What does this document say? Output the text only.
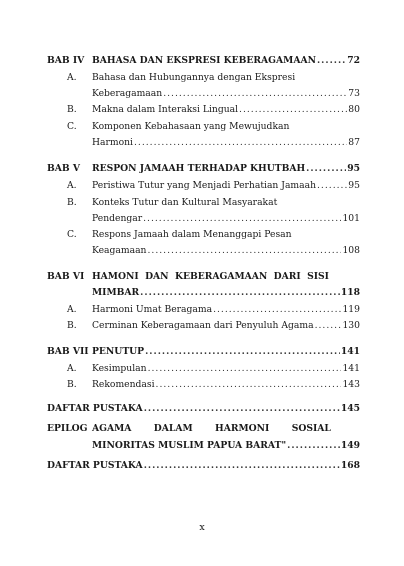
BAB IV BAHASA DAN EKSPRESI KEBERAGAMAAN .....	72
A. Bahasa dan Hubungannya dengan Ekspresi
Keberagamaan .....	73
B. Makna dalam Interaksi Lingual .....	80
C. Komponen Kebahasaan yang Mewujudkan
Harmoni .....	87
BAB V RESPON JAMAAH TERHADAP KHUTBAH .....	95
A. Peristiwa Tutur yang Menjadi Perhatian Jamaah .....	95
B. Konteks Tutur dan Kultural Masyarakat
Pendengar .....	101
C. Respons Jamaah dalam Menanggapi Pesan
Keagamaan .....	108
BAB VI HAMONI  DAN  KEBERAGAMAAN  DARI  SISI
MIMBAR .....	118
A. Harmoni Umat Beragama .....	119
B. Cerminan Keberagamaan dari Penyuluh Agama .....	130
BAB VII PENUTUP .....	141
A. Kesimpulan .....	141
B. Rekomendasi .....	143
DAFTAR PUSTAKA .....	145
EPILOG AGAMA       DALAM       HARMONI       SOSIAL
MINORITAS MUSLIM PAPUA BARAT" .....	149
DAFTAR PUSTAKA .....	168
x
